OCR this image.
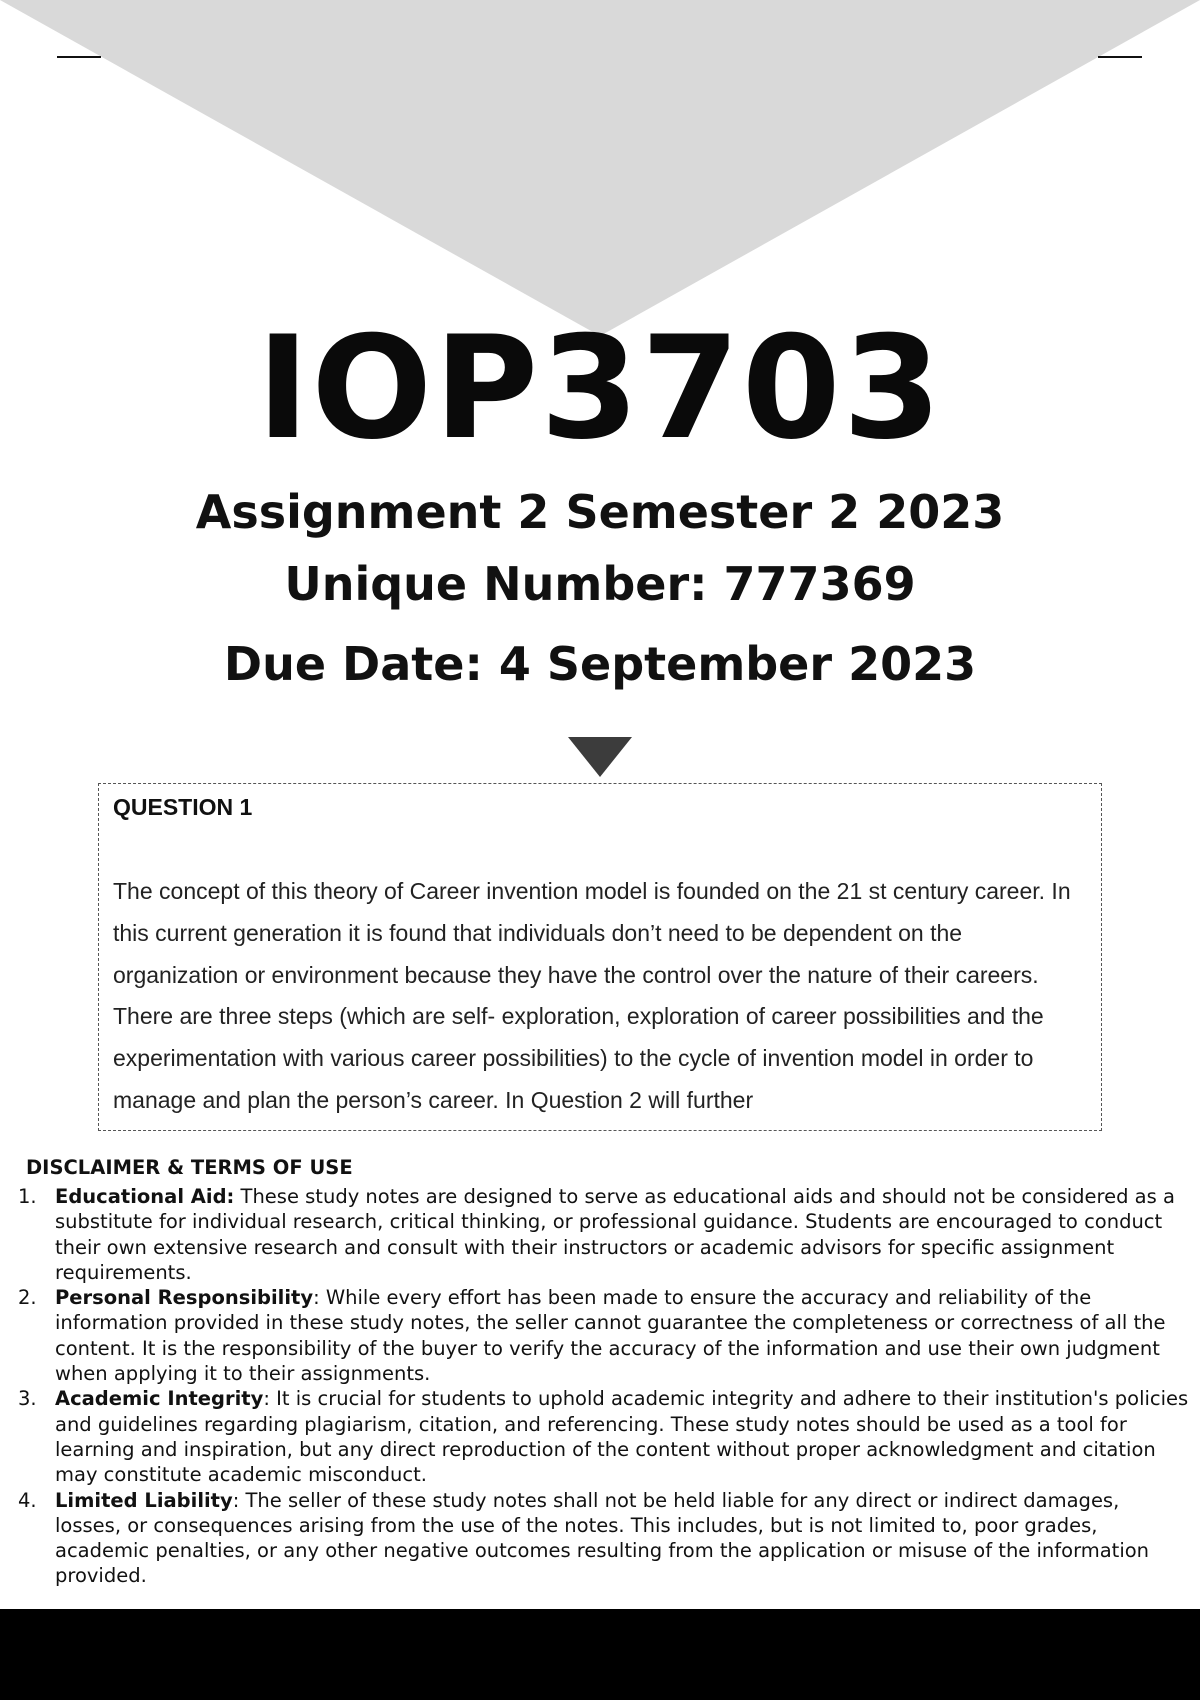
IOP3703
Assignment 2 Semester 2 2023
Unique Number: 777369
Due Date: 4 September 2023
QUESTION 1
The concept of this theory of Career invention model is founded on the 21 st century career. In this current generation it is found that individuals don’t need to be dependent on the organization or environment because they have the control over the nature of their careers. There are three steps (which are self- exploration, exploration of career possibilities and the experimentation with various career possibilities) to the cycle of invention model in order to manage and plan the person’s career. In Question 2 will further
DISCLAIMER & TERMS OF USE
1. Educational Aid: These study notes are designed to serve as educational aids and should not be considered as a substitute for individual research, critical thinking, or professional guidance. Students are encouraged to conduct their own extensive research and consult with their instructors or academic advisors for specific assignment requirements.
2. Personal Responsibility: While every effort has been made to ensure the accuracy and reliability of the information provided in these study notes, the seller cannot guarantee the completeness or correctness of all the content. It is the responsibility of the buyer to verify the accuracy of the information and use their own judgment when applying it to their assignments.
3. Academic Integrity: It is crucial for students to uphold academic integrity and adhere to their institution's policies and guidelines regarding plagiarism, citation, and referencing. These study notes should be used as a tool for learning and inspiration, but any direct reproduction of the content without proper acknowledgment and citation may constitute academic misconduct.
4. Limited Liability: The seller of these study notes shall not be held liable for any direct or indirect damages, losses, or consequences arising from the use of the notes. This includes, but is not limited to, poor grades, academic penalties, or any other negative outcomes resulting from the application or misuse of the information provided.
